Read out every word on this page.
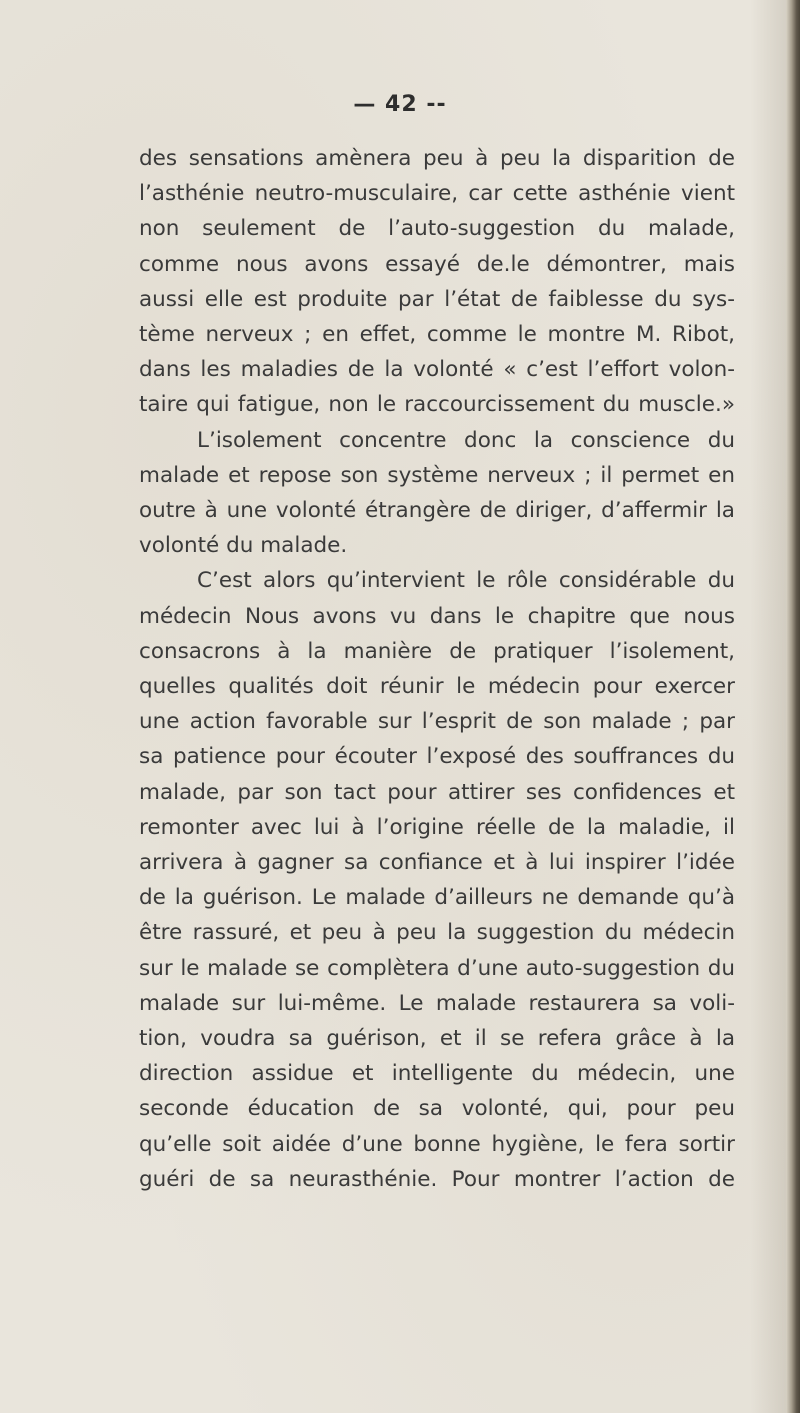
— 42 --
des sensations amènera peu à peu la disparition de
l’asthénie neutro-musculaire, car cette asthénie vient
non seulement de l’auto-suggestion du malade,
comme nous avons essayé de.le démontrer, mais
aussi elle est produite par l’état de faiblesse du sys-
tème nerveux ; en effet, comme le montre M. Ribot,
dans les maladies de la volonté « c’est l’effort volon-
taire qui fatigue, non le raccourcissement du muscle.»
L’isolement concentre donc la conscience du
malade et repose son système nerveux ; il permet en
outre à une volonté étrangère de diriger, d’affermir la
volonté du malade.
C’est alors qu’intervient le rôle considérable du
médecin Nous avons vu dans le chapitre que nous
consacrons à la manière de pratiquer l’isolement,
quelles qualités doit réunir le médecin pour exercer
une action favorable sur l’esprit de son malade ; par
sa patience pour écouter l’exposé des souffrances du
malade, par son tact pour attirer ses confidences et
remonter avec lui à l’origine réelle de la maladie, il
arrivera à gagner sa confiance et à lui inspirer l’idée
de la guérison. Le malade d’ailleurs ne demande qu’à
être rassuré, et peu à peu la suggestion du médecin
sur le malade se complètera d’une auto-suggestion du
malade sur lui-même. Le malade restaurera sa voli-
tion, voudra sa guérison, et il se refera grâce à la
direction assidue et intelligente du médecin, une
seconde éducation de sa volonté, qui, pour peu
qu’elle soit aidée d’une bonne hygiène, le fera sortir
guéri de sa neurasthénie. Pour montrer l’action de
